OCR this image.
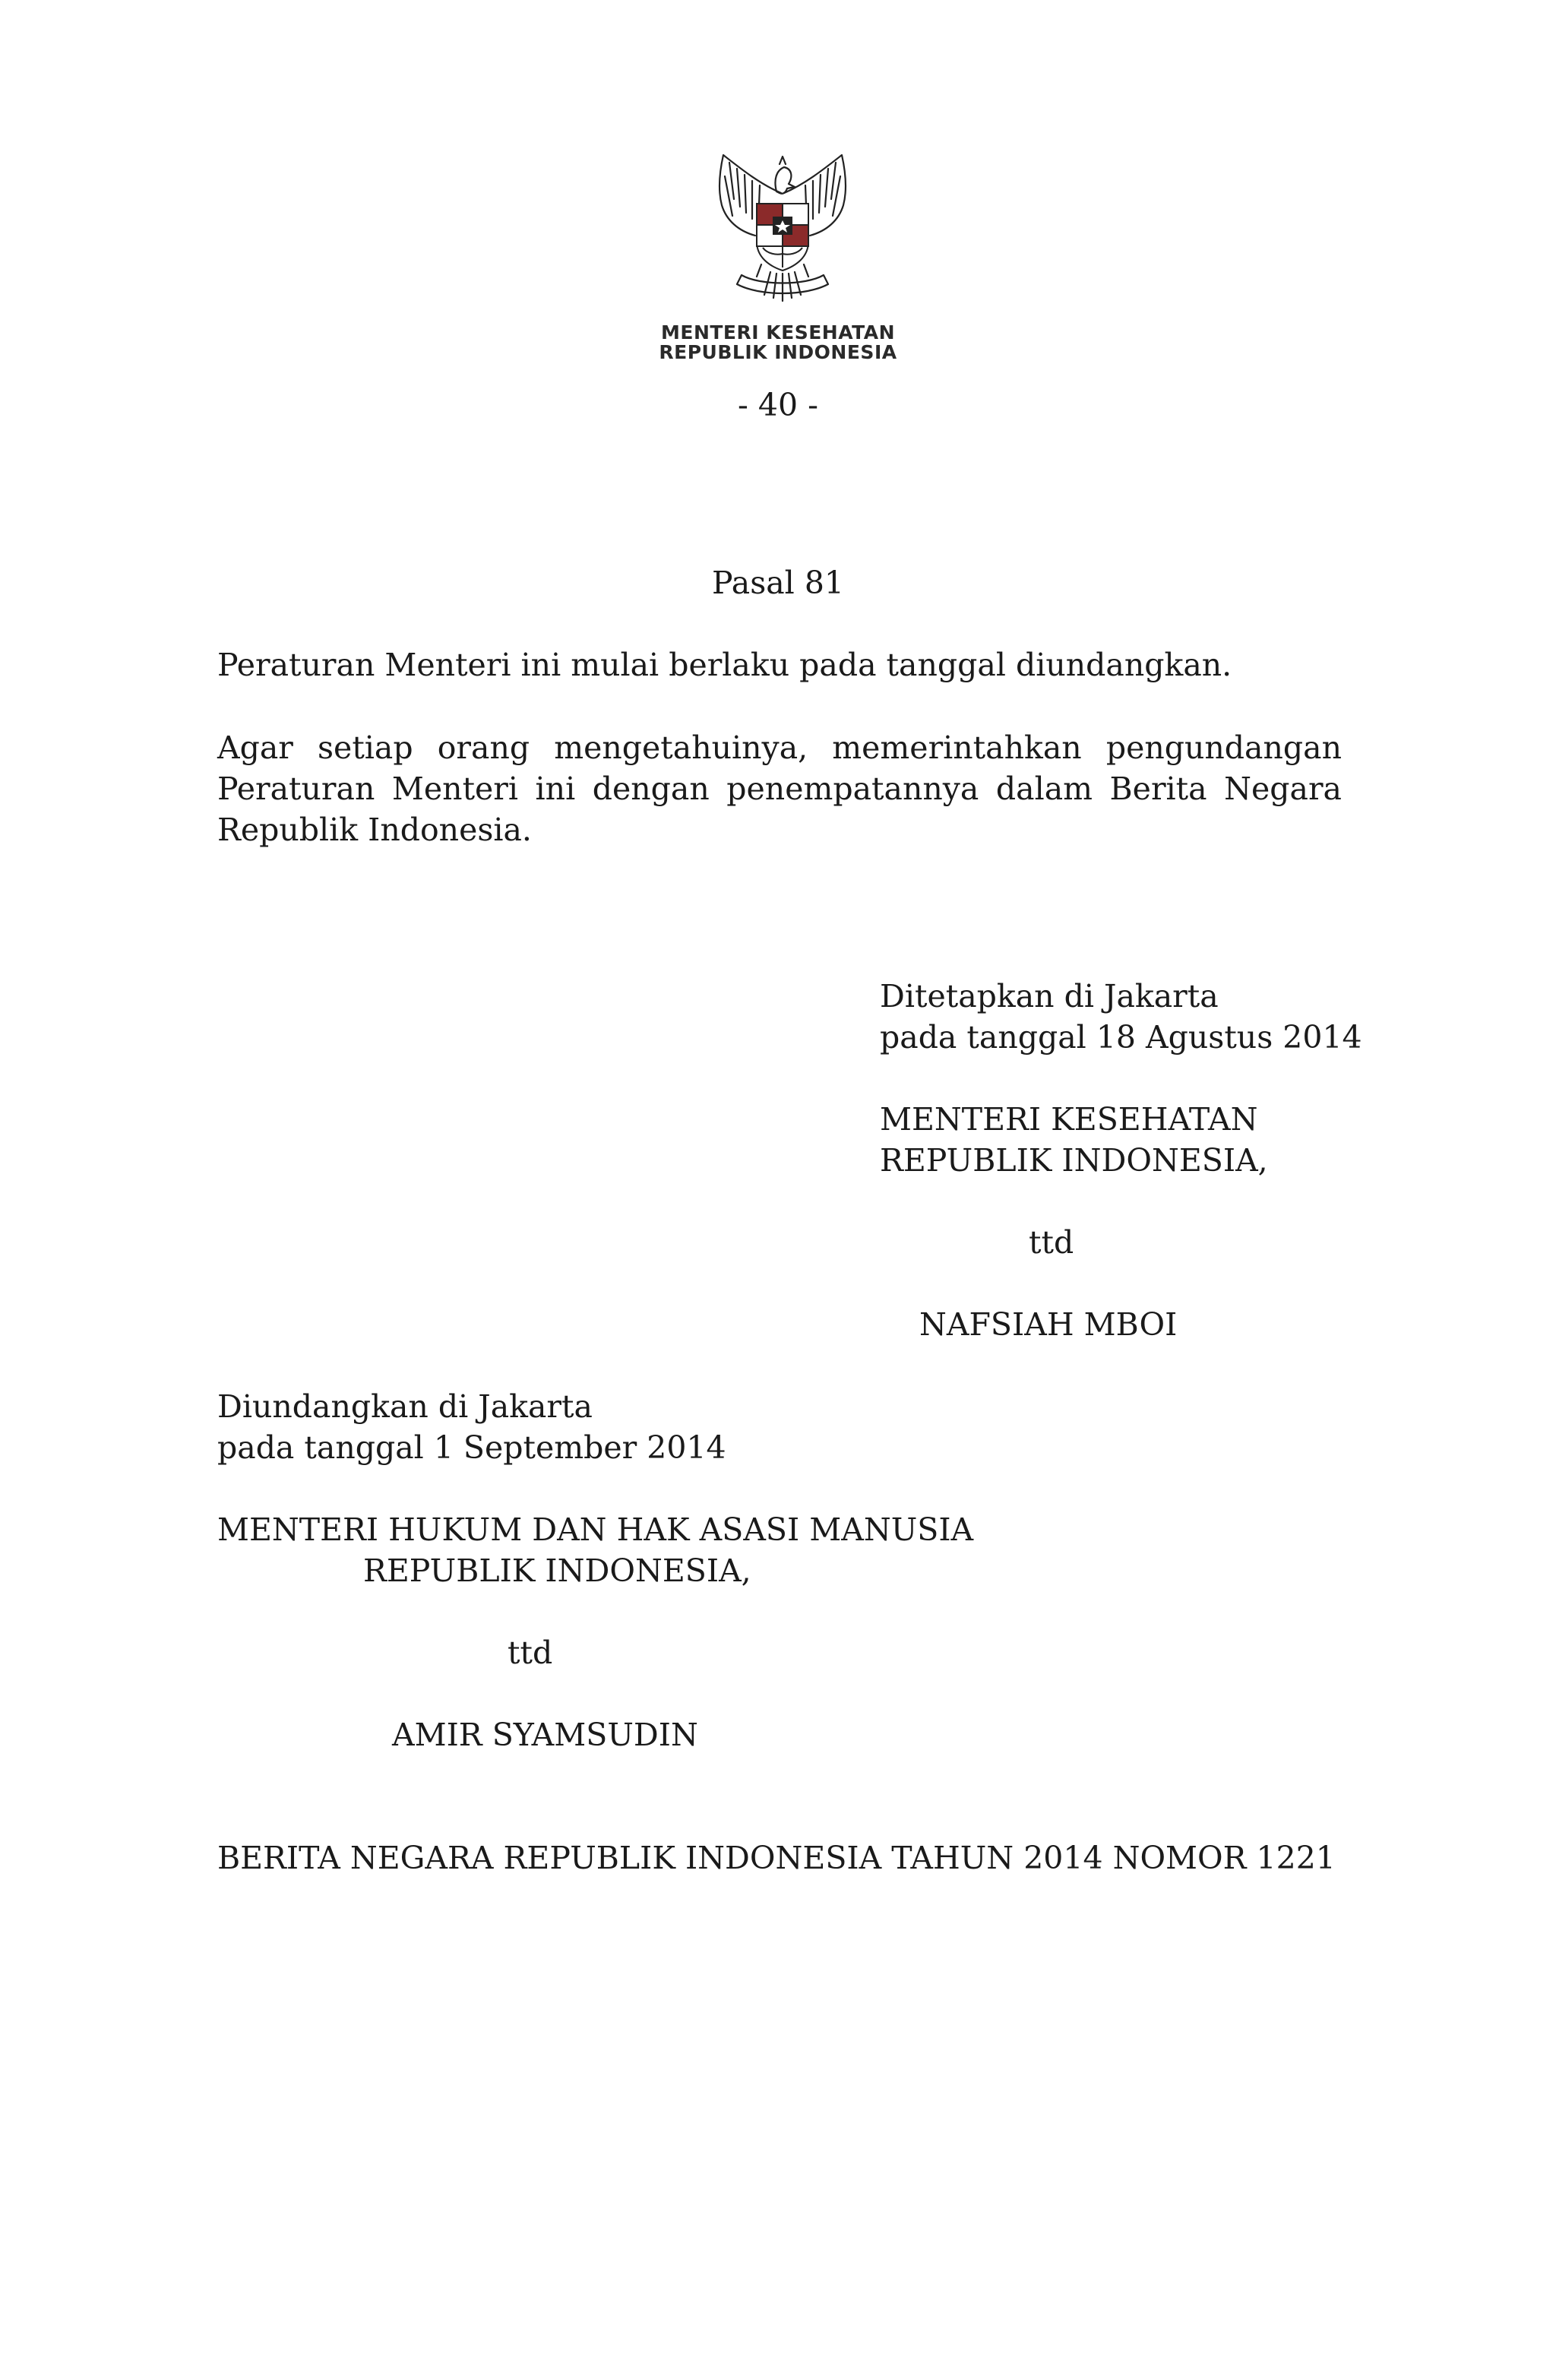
MENTERI KESEHATAN
REPUBLIK INDONESIA
- 40 -
Pasal 81
Peraturan Menteri ini mulai berlaku pada tanggal diundangkan.
Agar setiap orang mengetahuinya, memerintahkan pengundangan Peraturan Menteri ini dengan penempatannya dalam Berita Negara Republik Indonesia.
Ditetapkan di Jakarta
pada tanggal 18 Agustus 2014
MENTERI KESEHATAN
REPUBLIK INDONESIA,
ttd
NAFSIAH MBOI
Diundangkan di Jakarta
pada tanggal 1 September 2014
MENTERI HUKUM DAN HAK ASASI MANUSIA
REPUBLIK INDONESIA,
ttd
AMIR SYAMSUDIN
BERITA NEGARA REPUBLIK INDONESIA TAHUN 2014 NOMOR 1221
